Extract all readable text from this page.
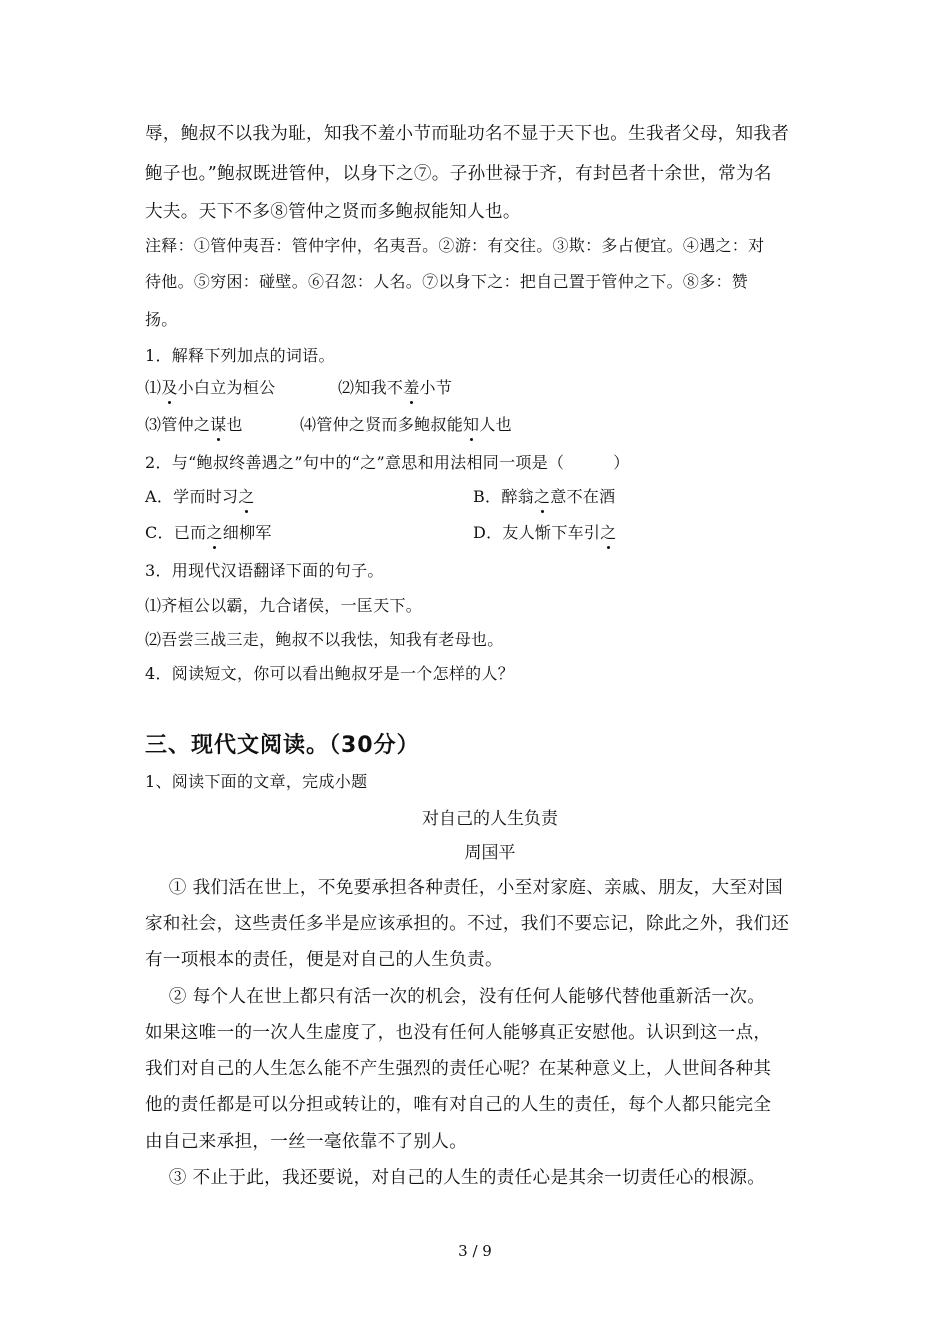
辱，鲍叔不以我为耻，知我不羞小节而耻功名不显于天下也。生我者父母，知我者
鲍子也。”鲍叔既进管仲，以身下之⑦。子孙世禄于齐，有封邑者十余世，常为名
大夫。天下不多⑧管仲之贤而多鲍叔能知人也。
注释：①管仲夷吾：管仲字仲，名夷吾。②游：有交往。③欺：多占便宜。④遇之：对
待他。⑤穷困：碰壁。⑥召忽：人名。⑦以身下之：把自己置于管仲之下。⑧多：赞
扬。
1．解释下列加点的词语。
⑴及小白立为桓公	⑵知我不羞小节
⑶管仲之谋也	⑷管仲之贤而多鲍叔能知人也
2．与“鲍叔终善遇之”句中的“之”意思和用法相同一项是（　　　）
A．学而时习之	B．醉翁之意不在酒
C．已而之细柳军	D．友人惭下车引之
3．用现代汉语翻译下面的句子。
⑴齐桓公以霸，九合诸侯，一匡天下。
⑵吾尝三战三走，鲍叔不以我怯，知我有老母也。
4．阅读短文，你可以看出鲍叔牙是一个怎样的人？
三、现代文阅读。（30分）
1、阅读下面的文章，完成小题
对自己的人生负责
周国平
　 ① 我们活在世上，不免要承担各种责任，小至对家庭、亲戚、朋友，大至对国
家和社会，这些责任多半是应该承担的。不过，我们不要忘记，除此之外，我们还
有一项根本的责任，便是对自己的人生负责。
　 ② 每个人在世上都只有活一次的机会，没有任何人能够代替他重新活一次。
如果这唯一的一次人生虚度了，也没有任何人能够真正安慰他。认识到这一点，
我们对自己的人生怎么能不产生强烈的责任心呢？在某种意义上，人世间各种其
他的责任都是可以分担或转让的，唯有对自己的人生的责任，每个人都只能完全
由自己来承担，一丝一毫依靠不了别人。
　 ③ 不止于此，我还要说，对自己的人生的责任心是其余一切责任心的根源。
3 / 9
